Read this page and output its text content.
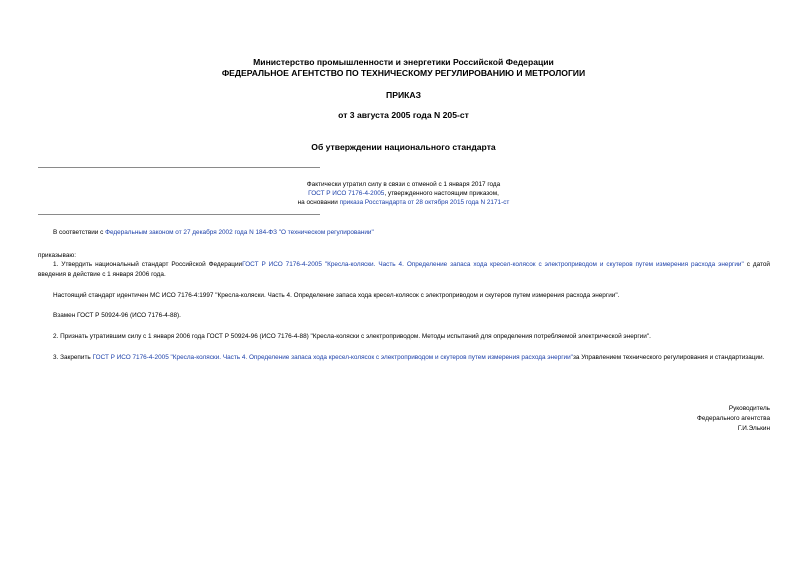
Министерство промышленности и энергетики Российской Федерации
ФЕДЕРАЛЬНОЕ АГЕНТСТВО ПО ТЕХНИЧЕСКОМУ РЕГУЛИРОВАНИЮ И МЕТРОЛОГИИ
ПРИКАЗ
от 3 августа 2005 года N 205-ст
Об утверждении национального стандарта
Фактически утратил силу в связи с отменой с 1 января 2017 года
ГОСТ Р ИСО 7176-4-2005, утвержденного настоящим приказом,
на основании приказа Росстандарта от 28 октября 2015 года N 2171-ст
В соответствии с Федеральным законом от 27 декабря 2002 года N 184-ФЗ "О техническом регулировании"
приказываю:
1. Утвердить национальный стандарт Российской ФедерацииГОСТ Р ИСО 7176-4-2005 "Кресла-коляски. Часть 4. Определение запаса хода кресел-колясок с электроприводом и скутеров путем измерения расхода энергии" с датой введения в действие с 1 января 2006 года.
Настоящий стандарт идентичен МС ИСО 7176-4:1997 "Кресла-коляски. Часть 4. Определение запаса хода кресел-колясок с электроприводом и скутеров путем измерения расхода энергии".
Взамен ГОСТ Р 50924-96 (ИСО 7176-4-88).
2. Признать утратившим силу с 1 января 2006 года ГОСТ Р 50924-96 (ИСО 7176-4-88) "Кресла-коляски с электроприводом. Методы испытаний для определения потребляемой электрической энергии".
3. Закрепить ГОСТ Р ИСО 7176-4-2005 "Кресла-коляски. Часть 4. Определение запаса хода кресел-колясок с электроприводом и скутеров путем измерения расхода энергии"за Управлением технического регулирования и стандартизации.
Руководитель
Федерального агентства
Г.И.Элькин
